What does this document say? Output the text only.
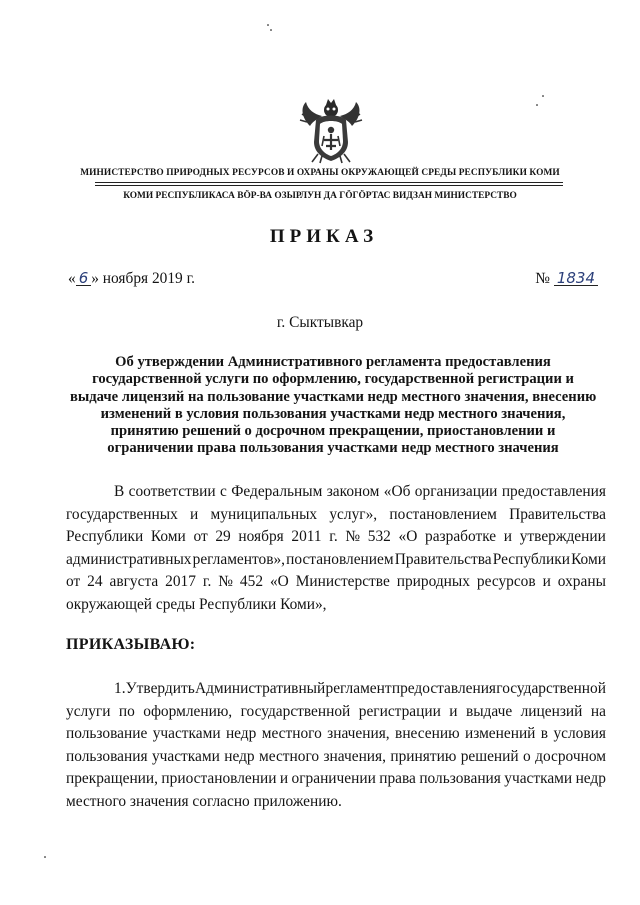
МИНИСТЕРСТВО ПРИРОДНЫХ РЕСУРСОВ И ОХРАНЫ ОКРУЖАЮЩЕЙ СРЕДЫ РЕСПУБЛИКИ КОМИ
КОМИ РЕСПУБЛИКАСА ВӦР-ВА ОЗЫРЛУН ДА ГӦГӦРТАС ВИДЗАН МИНИСТЕРСТВО
ПРИКАЗ
« 6 » ноября 2019 г.	№ 1834
г. Сыктывкар
Об утверждении Административного регламента предоставления
государственной услуги по оформлению, государственной регистрации и
выдаче лицензий на пользование участками недр местного значения, внесению
изменений в условия пользования участками недр местного значения,
принятию решений о досрочном прекращении, приостановлении и
ограничении права пользования участками недр местного значения
В соответствии с Федеральным законом «Об организации предоставления
государственных и муниципальных услуг», постановлением Правительства
Республики Коми от 29 ноября 2011 г. № 532 «О разработке и утверждении
административных регламентов», постановлением Правительства Республики Коми
от 24 августа 2017 г. № 452 «О Министерстве природных ресурсов и охраны
окружающей среды Республики Коми»,
ПРИКАЗЫВАЮ:
1. Утвердить Административный регламент предоставления государственной
услуги по оформлению, государственной регистрации и выдаче лицензий на
пользование участками недр местного значения, внесению изменений в условия
пользования участками недр местного значения, принятию решений о досрочном
прекращении, приостановлении и ограничении права пользования участками недр
местного значения согласно приложению.
